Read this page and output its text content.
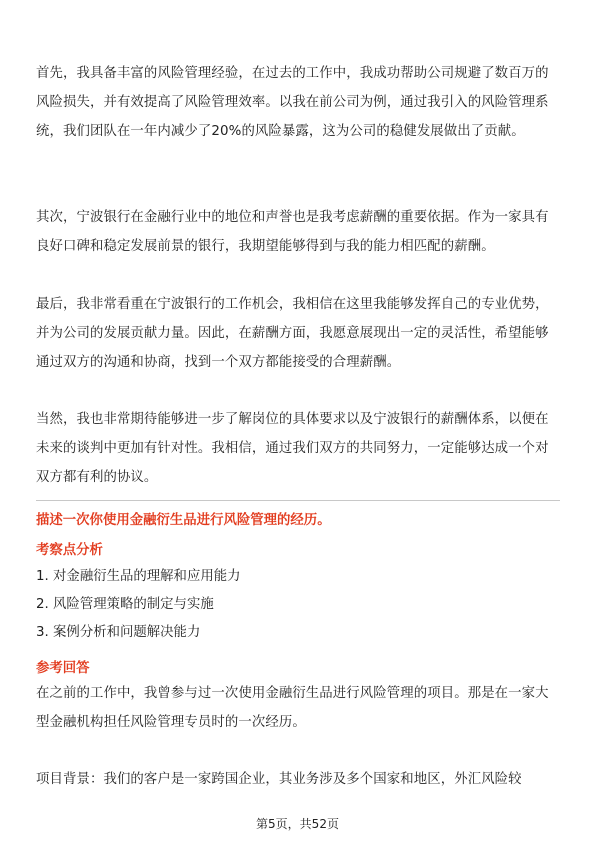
首先，我具备丰富的风险管理经验，在过去的工作中，我成功帮助公司规避了数百万的风险损失，并有效提高了风险管理效率。以我在前公司为例，通过我引入的风险管理系统，我们团队在一年内减少了20%的风险暴露，这为公司的稳健发展做出了贡献。

其次，宁波银行在金融行业中的地位和声誉也是我考虑薪酬的重要依据。作为一家具有良好口碑和稳定发展前景的银行，我期望能够得到与我的能力相匹配的薪酬。

最后，我非常看重在宁波银行的工作机会，我相信在这里我能够发挥自己的专业优势，并为公司的发展贡献力量。因此，在薪酬方面，我愿意展现出一定的灵活性，希望能够通过双方的沟通和协商，找到一个双方都能接受的合理薪酬。

当然，我也非常期待能够进一步了解岗位的具体要求以及宁波银行的薪酬体系，以便在未来的谈判中更加有针对性。我相信，通过我们双方的共同努力，一定能够达成一个对双方都有利的协议。

描述一次你使用金融衍生品进行风险管理的经历。

考察点分析

1. 对金融衍生品的理解和应用能力

2. 风险管理策略的制定与实施

3. 案例分析和问题解决能力

参考回答

在之前的工作中，我曾参与过一次使用金融衍生品进行风险管理的项目。那是在一家大型金融机构担任风险管理专员时的一次经历。

项目背景：我们的客户是一家跨国企业，其业务涉及多个国家和地区，外汇风险较

第5页，共52页
